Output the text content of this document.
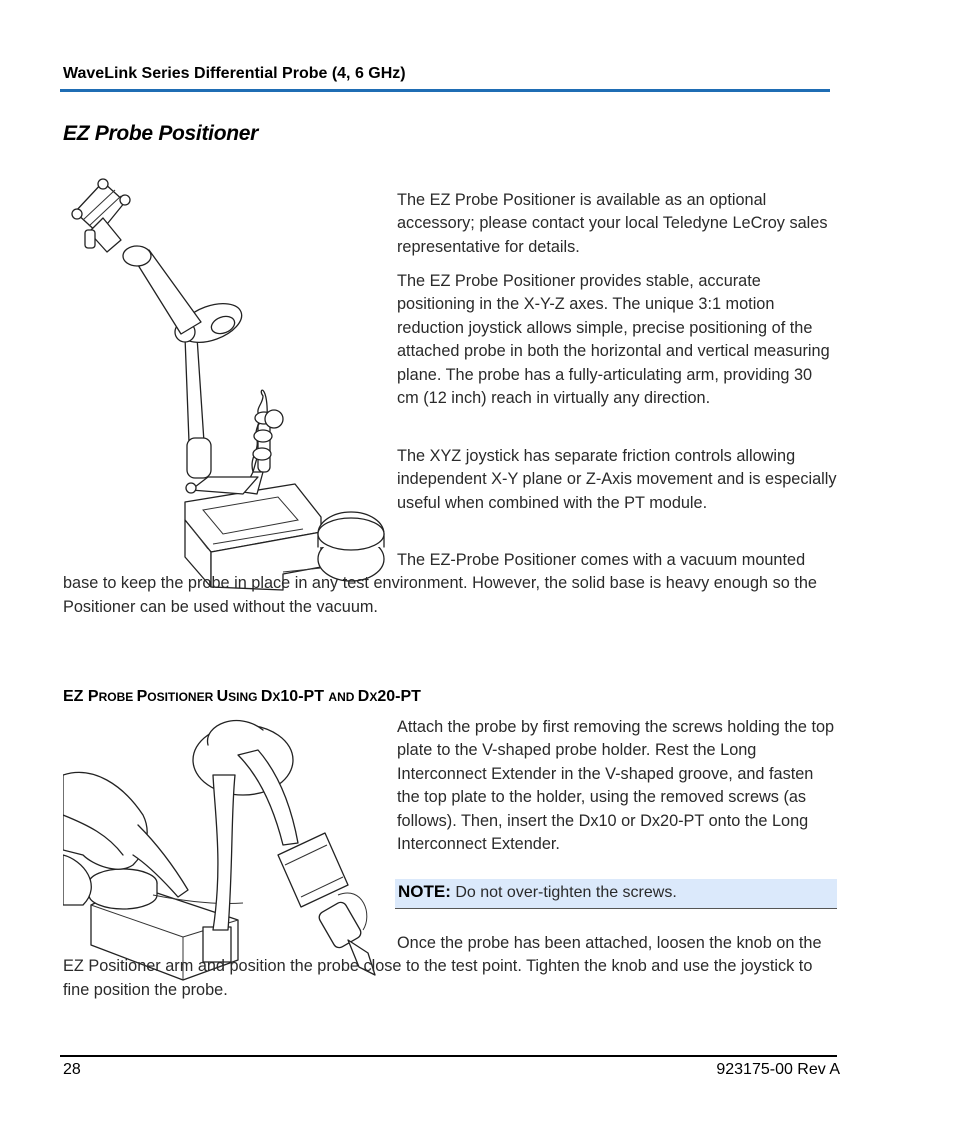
WaveLink Series Differential Probe (4, 6 GHz)
EZ Probe Positioner

The EZ Probe Positioner is available as an optional accessory; please contact your local Teledyne LeCroy sales representative for details.

The EZ Probe Positioner provides stable, accurate positioning in the X-Y-Z axes. The unique 3:1 motion reduction joystick allows simple, precise positioning of the attached probe in both the horizontal and vertical measuring plane. The probe has a fully-articulating arm, providing 30 cm (12 inch) reach in virtually any direction.

The XYZ joystick has separate friction controls allowing independent X-Y plane or Z-Axis movement and is especially useful when combined with the PT module.

The EZ-Probe Positioner comes with a vacuum mounted base to keep the probe in place in any test environment. However, the solid base is heavy enough so the Positioner can be used without the vacuum.

EZ PROBE POSITIONER USING DX10-PT AND DX20-PT

Attach the probe by first removing the screws holding the top plate to the V-shaped probe holder. Rest the Long Interconnect Extender in the V-shaped groove, and fasten the top plate to the holder, using the removed screws (as follows). Then, insert the Dx10 or Dx20-PT onto the Long Interconnect Extender.

NOTE: Do not over-tighten the screws.

Once the probe has been attached, loosen the knob on the EZ Positioner arm and position the probe close to the test point. Tighten the knob and use the joystick to fine position the probe.

28	923175-00 Rev A
